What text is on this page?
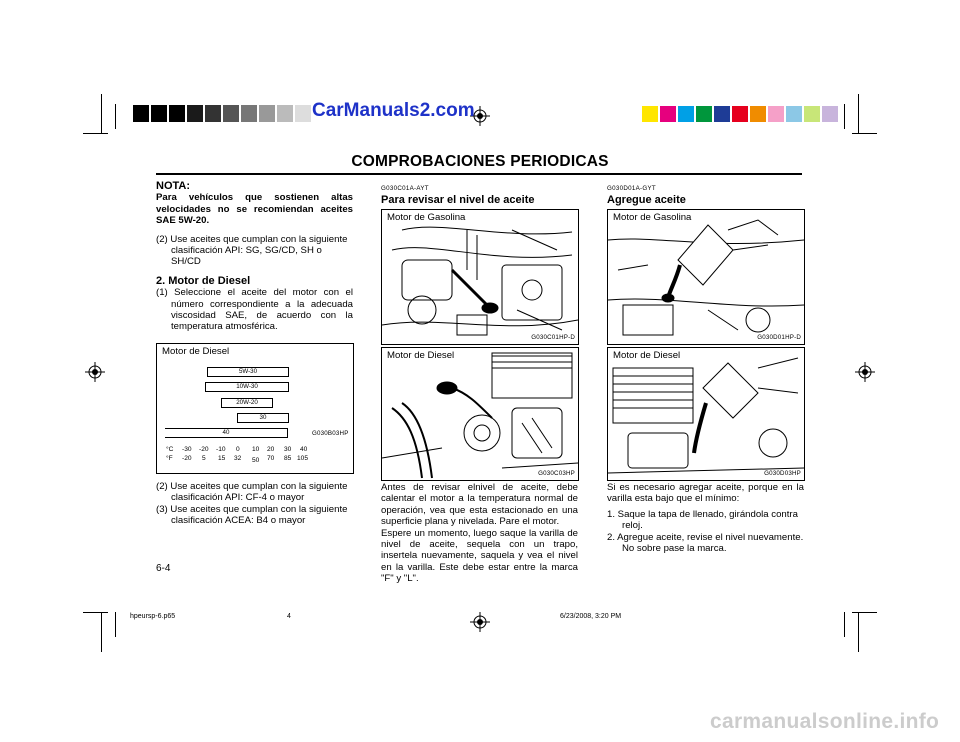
CarManuals2.com
COMPROBACIONES PERIODICAS
NOTA:
Para vehículos que sostienen altas velocidades no se recomiendan aceites SAE 5W-20.
(2) Use aceites que cumplan con la siguiente clasificación API: SG, SG/CD, SH o SH/CD
2. Motor de Diesel
(1) Seleccione el aceite del motor con el número correspondiente a la adecuada viscosidad SAE, de acuerdo con la temperatura atmosférica.
Motor de Diesel
5W-30
10W-30
20W-20
30
40	G030B03HP
°C
°F
-30 -20 -10 0 10 20 30 40
-20 5 15 32 50 70 85 105
(2) Use aceites que cumplan con la siguiente clasificación API: CF-4 o mayor
(3) Use aceites que cumplan con la siguiente clasificación ACEA: B4 o mayor
6-4
G030C01A-AYT
Para revisar el nivel de aceite
Motor de Gasolina
G030C01HP-D
Motor de Diesel
G030C03HP
Antes de revisar elnivel de aceite, debe calentar el motor a la temperatura normal de operación, vea que esta estacionado en una superficie plana y nivelada. Pare el motor.
Espere un momento, luego saque la varilla de nivel de aceite, sequela con un trapo, insertela nuevamente, saquela y vea el nivel en la varilla. Este debe estar entre la marca "F" y "L".
G030D01A-GYT
Agregue aceite
Motor de Gasolina
G030D01HP-D
Motor de Diesel
G030D03HP
Si es necesario agregar aceite, porque en la varilla esta bajo que el mínimo:
1. Saque la tapa de llenado, girándola contra reloj.
2. Agregue aceite, revise el nivel nuevamente. No sobre pase la marca.
hpeursp-6.p65	4	6/23/2008, 3:20 PM
carmanualsonline.info
